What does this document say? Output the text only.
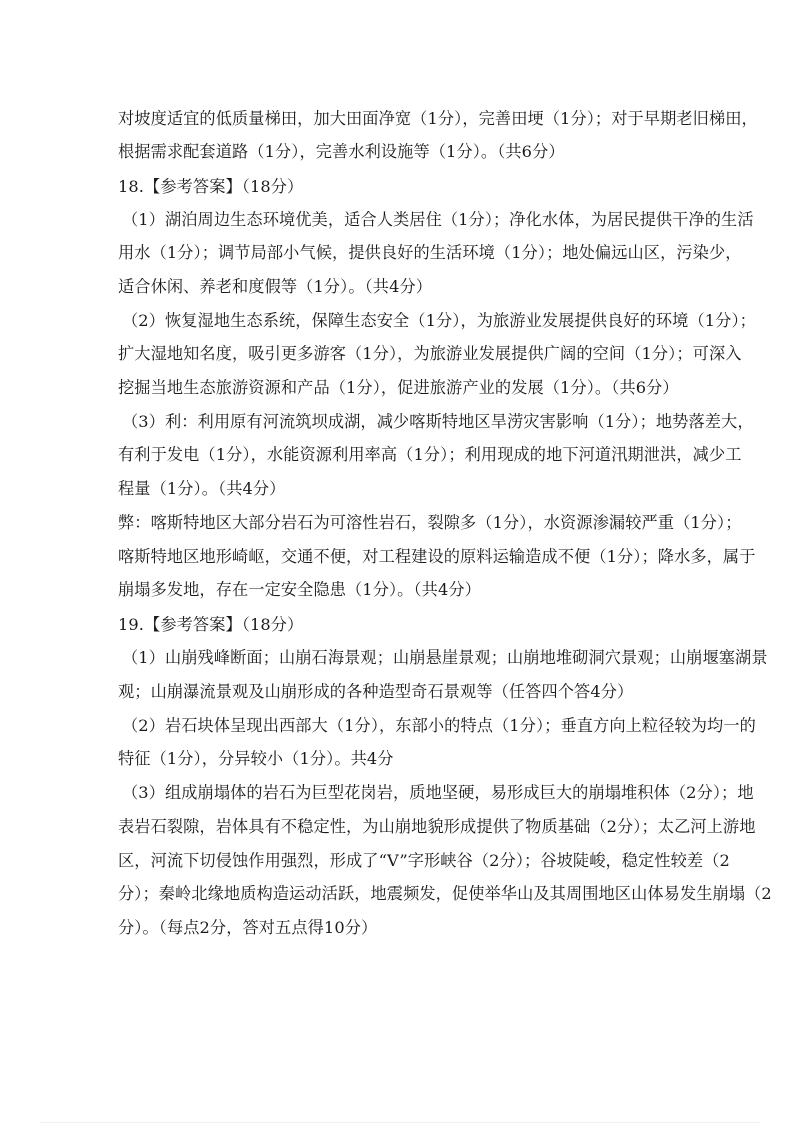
对坡度适宜的低质量梯田，加大田面净宽（1分），完善田埂（1分）；对于早期老旧梯田，
根据需求配套道路（1分），完善水利设施等（1分）。（共6分）
18.【参考答案】（18分）
（1）湖泊周边生态环境优美，适合人类居住（1分）；净化水体，为居民提供干净的生活
用水（1分）；调节局部小气候，提供良好的生活环境（1分）；地处偏远山区，污染少，
适合休闲、养老和度假等（1分）。（共4分）
（2）恢复湿地生态系统，保障生态安全（1分），为旅游业发展提供良好的环境（1分）；
扩大湿地知名度，吸引更多游客（1分），为旅游业发展提供广阔的空间（1分）；可深入
挖掘当地生态旅游资源和产品（1分），促进旅游产业的发展（1分）。（共6分）
（3）利：利用原有河流筑坝成湖，减少喀斯特地区旱涝灾害影响（1分）；地势落差大，
有利于发电（1分），水能资源利用率高（1分）；利用现成的地下河道汛期泄洪，减少工
程量（1分）。（共4分）
弊：喀斯特地区大部分岩石为可溶性岩石，裂隙多（1分），水资源渗漏较严重（1分）；
喀斯特地区地形崎岖，交通不便，对工程建设的原料运输造成不便（1分）；降水多，属于
崩塌多发地，存在一定安全隐患（1分）。（共4分）
19.【参考答案】（18分）
（1）山崩残峰断面；山崩石海景观；山崩悬崖景观；山崩地堆砌洞穴景观；山崩堰塞湖景
观；山崩瀑流景观及山崩形成的各种造型奇石景观等（任答四个答4分）
（2）岩石块体呈现出西部大（1分），东部小的特点（1分）；垂直方向上粒径较为均一的
特征（1分），分异较小（1分）。共4分
（3）组成崩塌体的岩石为巨型花岗岩，质地坚硬，易形成巨大的崩塌堆积体（2分）；地
表岩石裂隙，岩体具有不稳定性，为山崩地貌形成提供了物质基础（2分）；太乙河上游地
区，河流下切侵蚀作用强烈，形成了“V”字形峡谷（2分）；谷坡陡峻，稳定性较差（2
分）；秦岭北缘地质构造运动活跃，地震频发，促使举华山及其周围地区山体易发生崩塌（2
分）。（每点2分，答对五点得10分）
